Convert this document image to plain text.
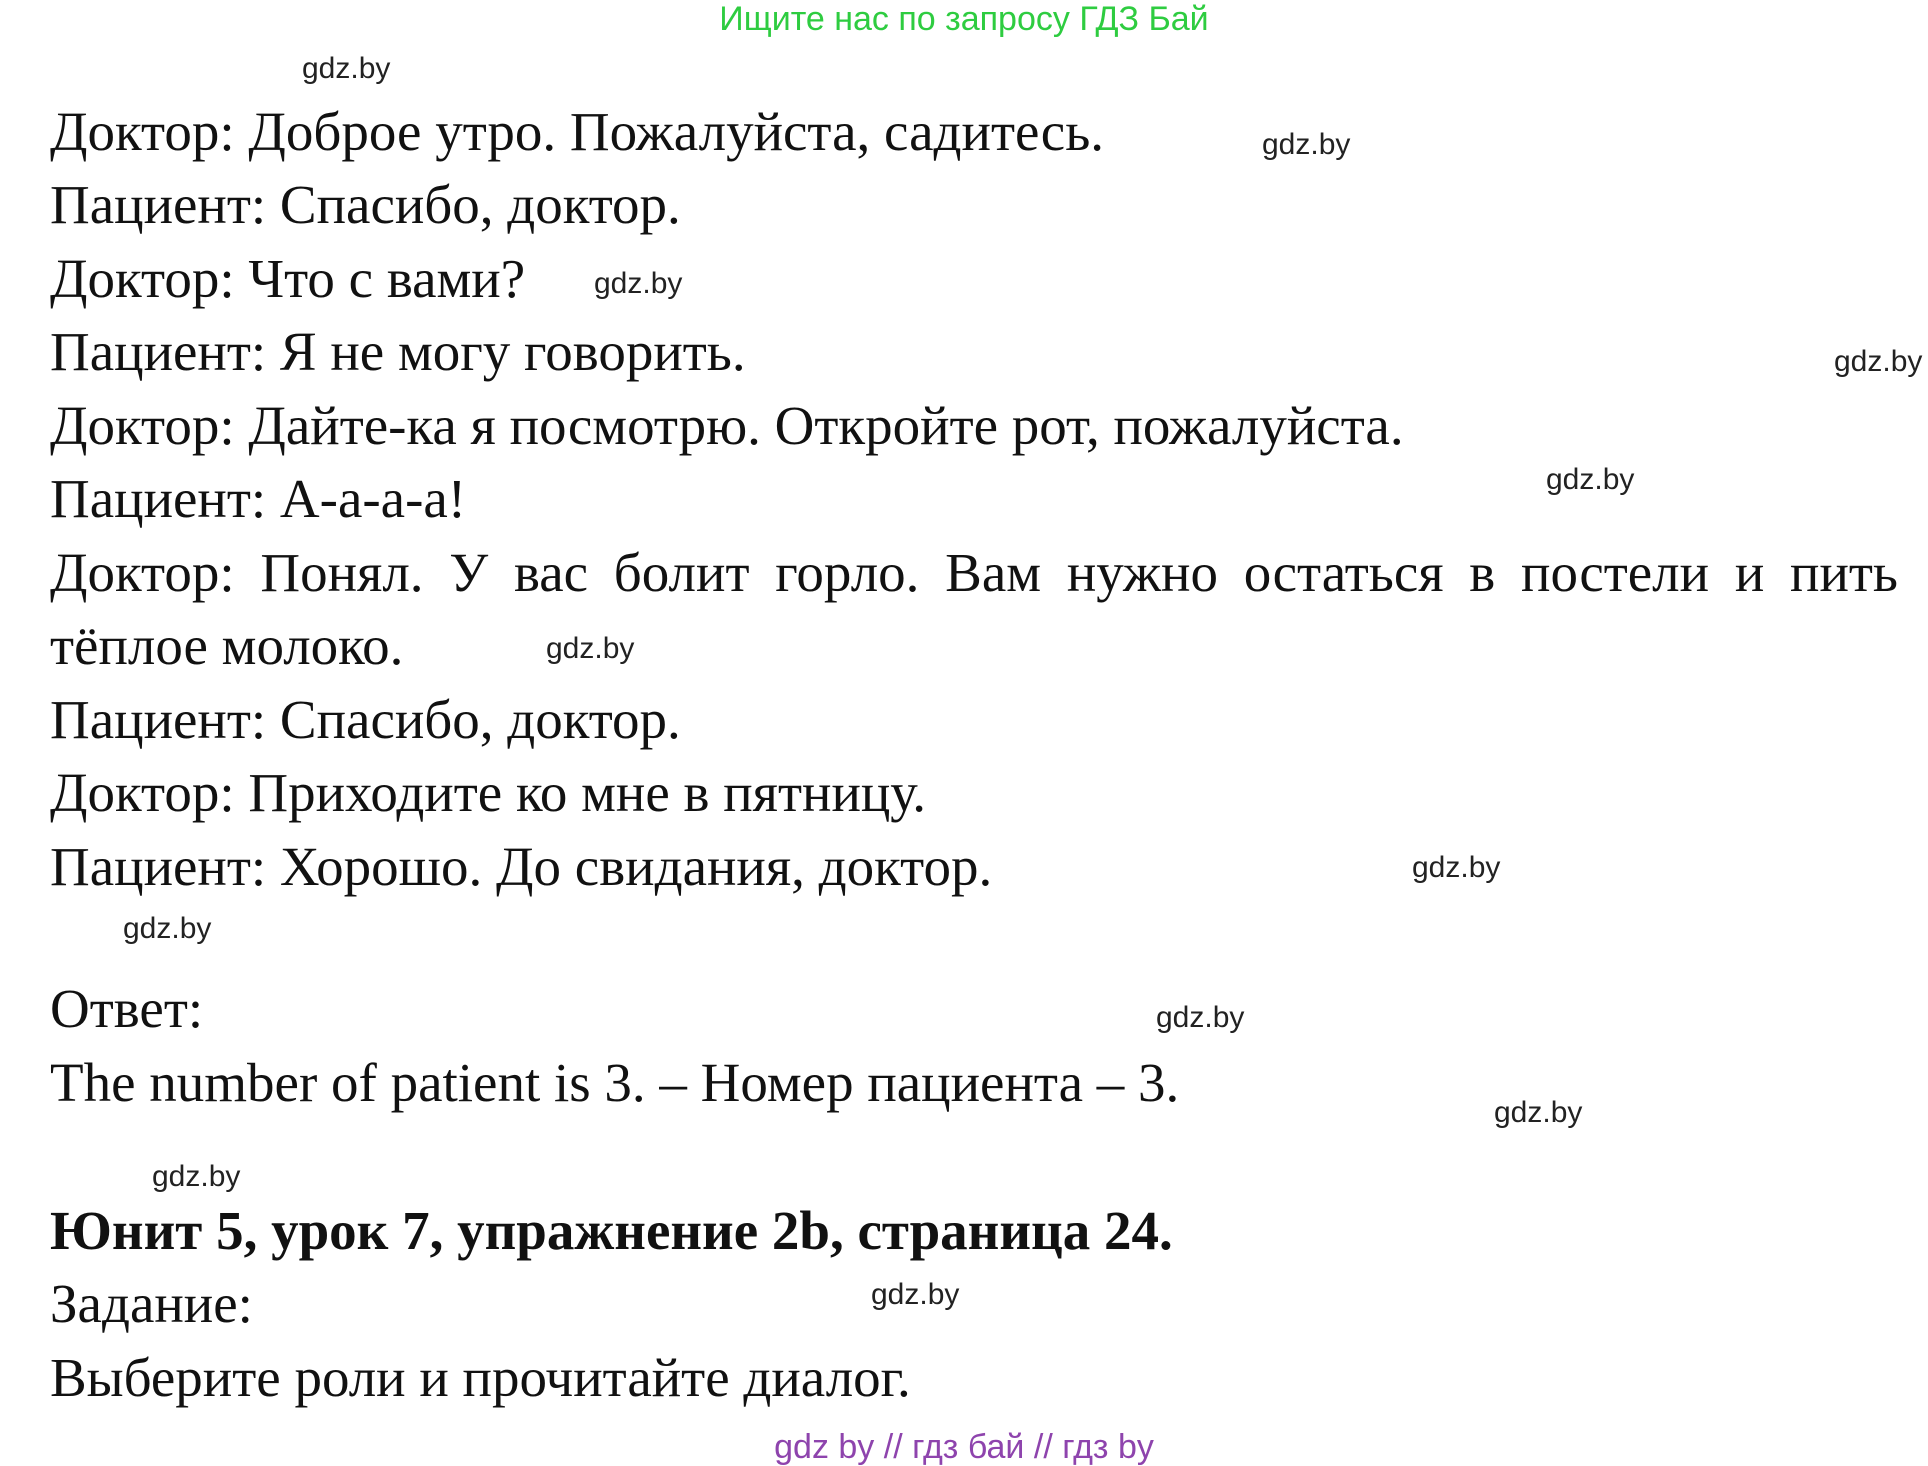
Ищите нас по запросу ГДЗ Бай
gdz.by
gdz.by
gdz.by
gdz.by
gdz.by
gdz.by
gdz.by
gdz.by
gdz.by
gdz.by
gdz.by
gdz.by
Доктор: Доброе утро. Пожалуйста, садитесь.
Пациент: Спасибо, доктор.
Доктор: Что с вами?
Пациент: Я не могу говорить.
Доктор: Дайте-ка я посмотрю. Откройте рот, пожалуйста.
Пациент: А-а-а-а!
Доктор: Понял. У вас болит горло. Вам нужно остаться в постели и пить
тёплое молоко.
Пациент: Спасибо, доктор.
Доктор: Приходите ко мне в пятницу.
Пациент: Хорошо. До свидания, доктор.
Ответ:
The number of patient is 3. – Номер пациента – 3.
Юнит 5, урок 7, упражнение 2b, страница 24.
Задание:
Выберите роли и прочитайте диалог.
gdz by // гдз бай // гдз by
